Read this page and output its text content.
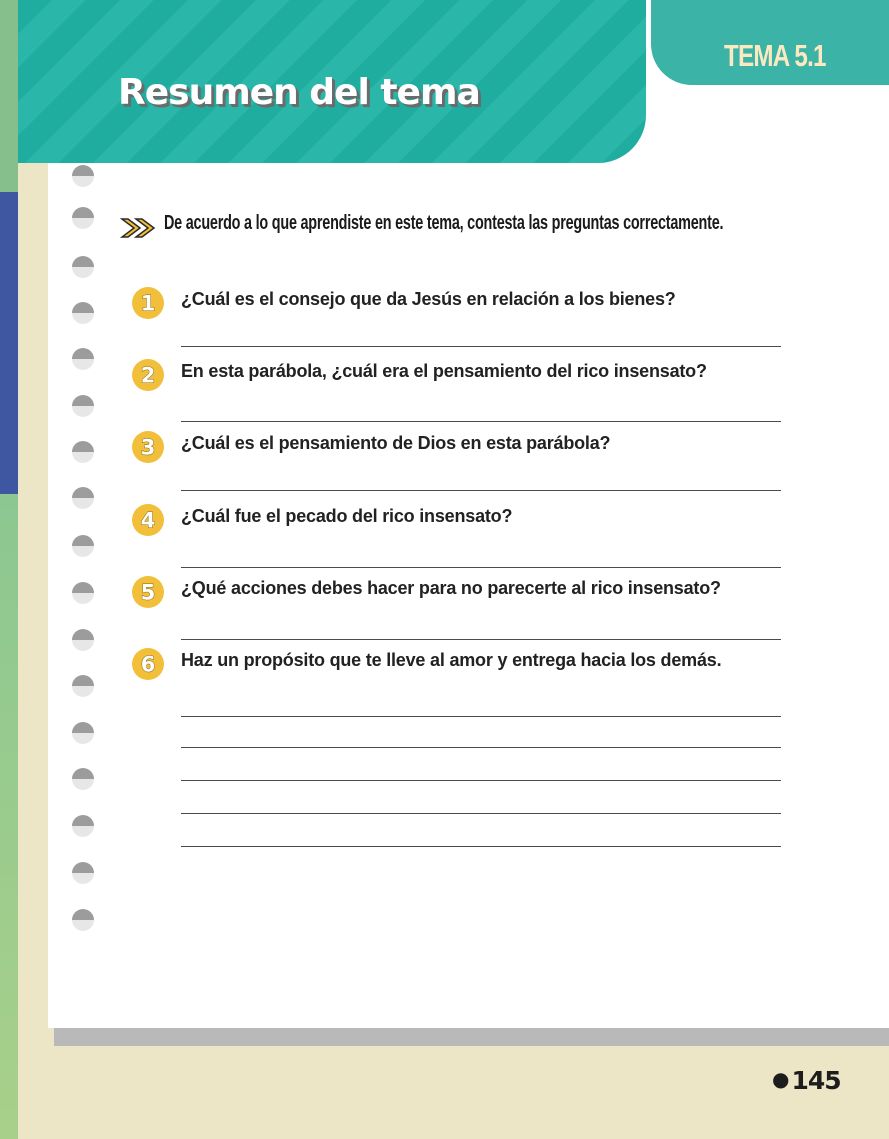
TEMA 5.1
Resumen del tema
De acuerdo a lo que aprendiste en este tema, contesta las preguntas correctamente.
1 ¿Cuál es el consejo que da Jesús en relación a los bienes?
2 En esta parábola, ¿cuál era el pensamiento del rico insensato?
3 ¿Cuál es el pensamiento de Dios en esta parábola?
4 ¿Cuál fue el pecado del rico insensato?
5 ¿Qué acciones debes hacer para no parecerte al rico insensato?
6 Haz un propósito que te lleve al amor y entrega hacia los demás.
● 145
